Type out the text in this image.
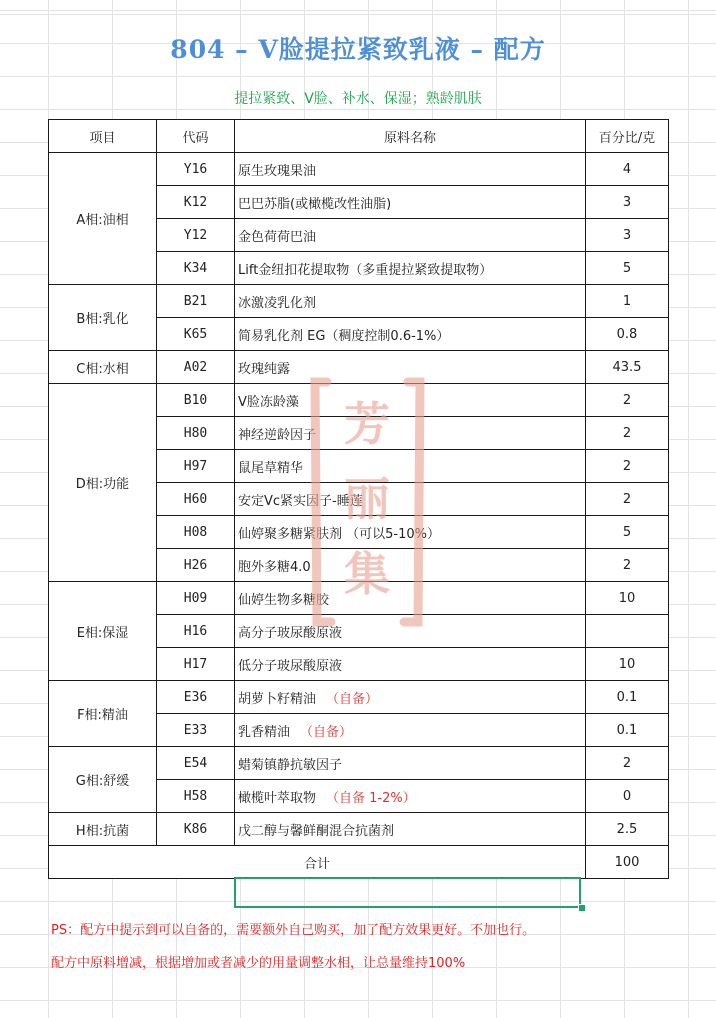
804 – V脸提拉紧致乳液 – 配方
提拉紧致、V脸、补水、保湿；熟龄肌肤
项目	代码	原料名称	百分比/克
A相:油相	Y16	原生玫瑰果油	4
	K12	巴巴苏脂(或橄榄改性油脂)	3
	Y12	金色荷荷巴油	3
	K34	Lift金纽扣花提取物（多重提拉紧致提取物）	5
B相:乳化	B21	冰激凌乳化剂	1
	K65	简易乳化剂 EG（稠度控制0.6-1%）	0.8
C相:水相	A02	玫瑰纯露	43.5
D相:功能	B10	V脸冻龄藻	2
	H80	神经逆龄因子	2
	H97	鼠尾草精华	2
	H60	安定Vc紧实因子-睡莲	2
	H08	仙婷聚多糖紧肤剂 （可以5-10%）	5
	H26	胞外多糖4.0	2
E相:保湿	H09	仙婷生物多糖胶	10
	H16	高分子玻尿酸原液	
	H17	低分子玻尿酸原液	10
F相:精油	E36	胡萝卜籽精油 （自备）	0.1
	E33	乳香精油 （自备）	0.1
G相:舒缓	E54	蜡菊镇静抗敏因子	2
	H58	橄榄叶萃取物 （自备 1-2%）	0
H相:抗菌	K86	戊二醇与馨鲜酮混合抗菌剂	2.5
合计			100
芳
丽
集
PS：配方中提示到可以自备的，需要额外自己购买，加了配方效果更好。不加也行。
配方中原料增减，根据增加或者减少的用量调整水相，让总量维持100%
